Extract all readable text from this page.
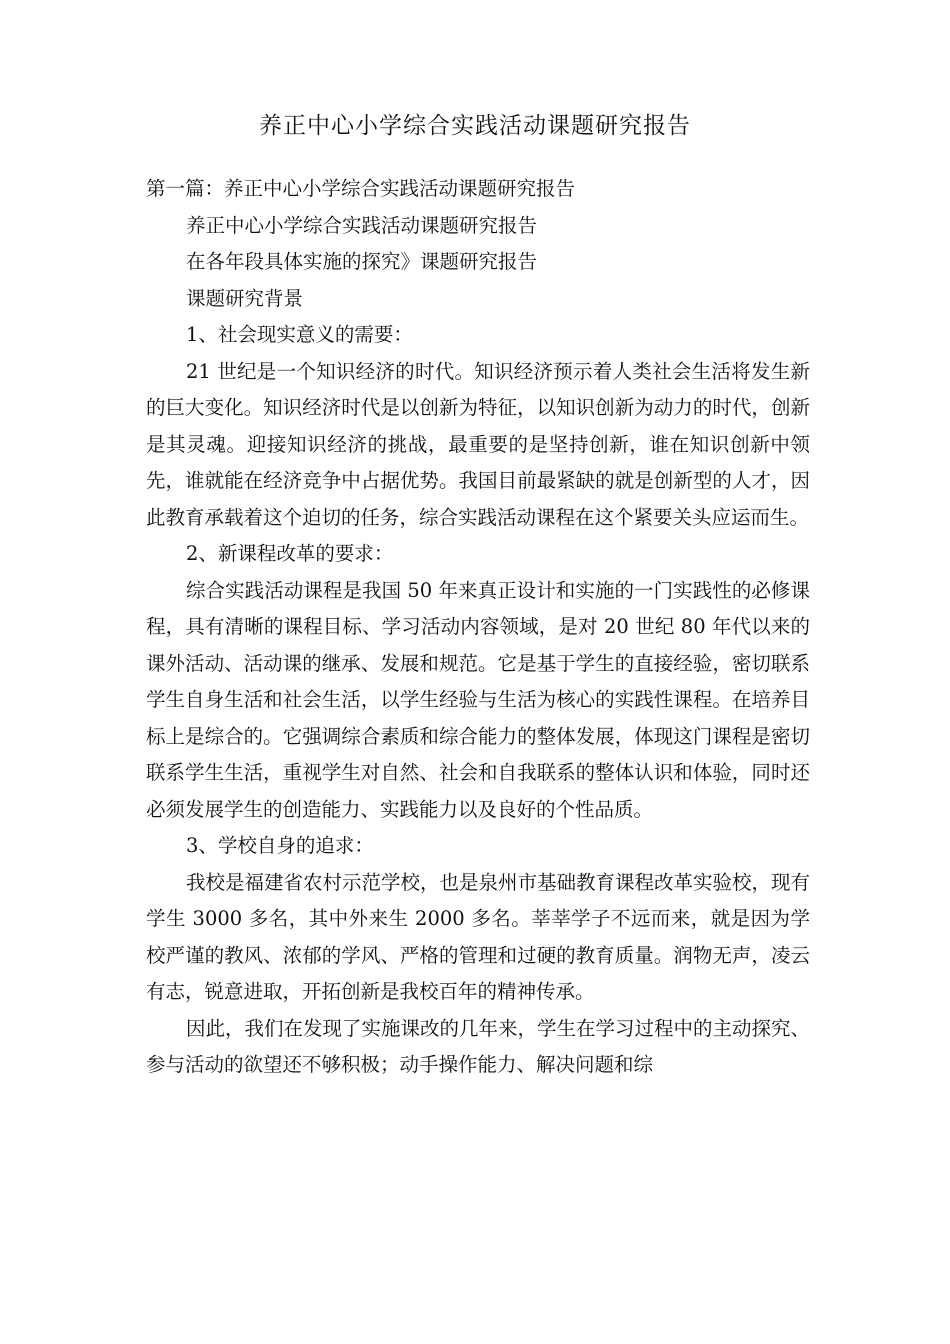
养正中心小学综合实践活动课题研究报告

第一篇：养正中心小学综合实践活动课题研究报告

养正中心小学综合实践活动课题研究报告

在各年段具体实施的探究》课题研究报告

课题研究背景

1、社会现实意义的需要：

21 世纪是一个知识经济的时代。知识经济预示着人类社会生活将发生新的巨大变化。知识经济时代是以创新为特征，以知识创新为动力的时代，创新是其灵魂。迎接知识经济的挑战，最重要的是坚持创新，谁在知识创新中领先，谁就能在经济竞争中占据优势。我国目前最紧缺的就是创新型的人才，因此教育承载着这个迫切的任务，综合实践活动课程在这个紧要关头应运而生。

2、新课程改革的要求：

综合实践活动课程是我国 50 年来真正设计和实施的一门实践性的必修课程，具有清晰的课程目标、学习活动内容领域，是对 20 世纪 80 年代以来的课外活动、活动课的继承、发展和规范。它是基于学生的直接经验，密切联系学生自身生活和社会生活，以学生经验与生活为核心的实践性课程。在培养目标上是综合的。它强调综合素质和综合能力的整体发展，体现这门课程是密切联系学生生活，重视学生对自然、社会和自我联系的整体认识和体验，同时还必须发展学生的创造能力、实践能力以及良好的个性品质。

3、学校自身的追求：

我校是福建省农村示范学校，也是泉州市基础教育课程改革实验校，现有学生 3000 多名，其中外来生 2000 多名。莘莘学子不远而来，就是因为学校严谨的教风、浓郁的学风、严格的管理和过硬的教育质量。润物无声，凌云有志，锐意进取，开拓创新是我校百年的精神传承。

因此，我们在发现了实施课改的几年来，学生在学习过程中的主动探究、参与活动的欲望还不够积极；动手操作能力、解决问题和综
